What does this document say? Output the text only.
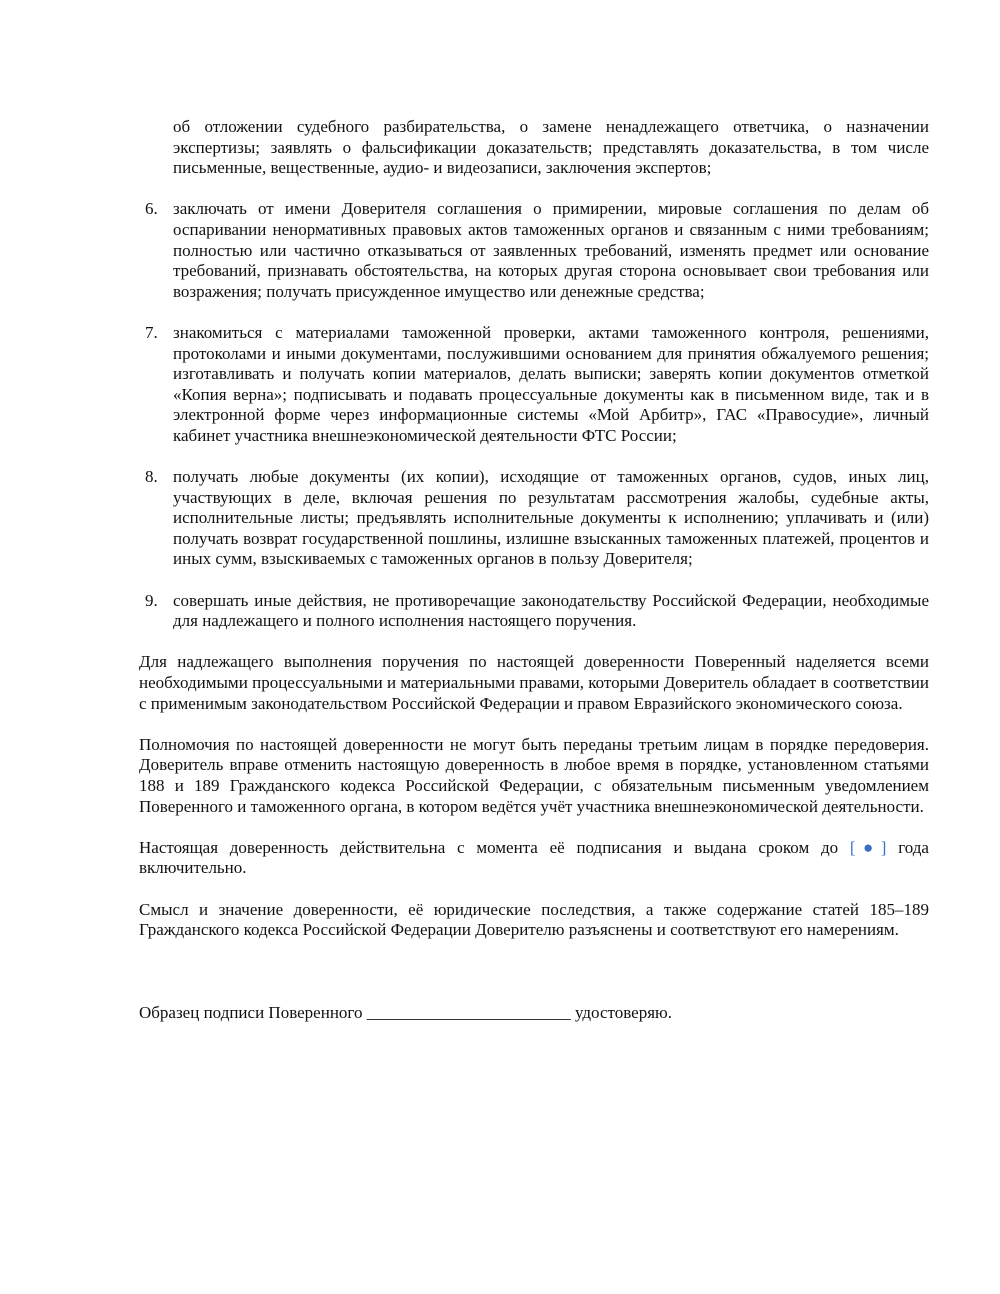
об отложении судебного разбирательства, о замене ненадлежащего ответчика, о назначении экспертизы; заявлять о фальсификации доказательств; представлять доказательства, в том числе письменные, вещественные, аудио- и видеозаписи, заключения экспертов;
6. заключать от имени Доверителя соглашения о примирении, мировые соглашения по делам об оспаривании ненормативных правовых актов таможенных органов и связанным с ними требованиям; полностью или частично отказываться от заявленных требований, изменять предмет или основание требований, признавать обстоятельства, на которых другая сторона основывает свои требования или возражения; получать присужденное имущество или денежные средства;
7. знакомиться с материалами таможенной проверки, актами таможенного контроля, решениями, протоколами и иными документами, послужившими основанием для принятия обжалуемого решения; изготавливать и получать копии материалов, делать выписки; заверять копии документов отметкой «Копия верна»; подписывать и подавать процессуальные документы как в письменном виде, так и в электронной форме через информационные системы «Мой Арбитр», ГАС «Правосудие», личный кабинет участника внешнеэкономической деятельности ФТС России;
8. получать любые документы (их копии), исходящие от таможенных органов, судов, иных лиц, участвующих в деле, включая решения по результатам рассмотрения жалобы, судебные акты, исполнительные листы; предъявлять исполнительные документы к исполнению; уплачивать и (или) получать возврат государственной пошлины, излишне взысканных таможенных платежей, процентов и иных сумм, взыскиваемых с таможенных органов в пользу Доверителя;
9. совершать иные действия, не противоречащие законодательству Российской Федерации, необходимые для надлежащего и полного исполнения настоящего поручения.

Для надлежащего выполнения поручения по настоящей доверенности Поверенный наделяется всеми необходимыми процессуальными и материальными правами, которыми Доверитель обладает в соответствии с применимым законодательством Российской Федерации и правом Евразийского экономического союза.

Полномочия по настоящей доверенности не могут быть переданы третьим лицам в порядке передоверия. Доверитель вправе отменить настоящую доверенность в любое время в порядке, установленном статьями 188 и 189 Гражданского кодекса Российской Федерации, с обязательным письменным уведомлением Поверенного и таможенного органа, в котором ведётся учёт участника внешнеэкономической деятельности.

Настоящая доверенность действительна с момента её подписания и выдана сроком до [●] года включительно.

Смысл и значение доверенности, её юридические последствия, а также содержание статей 185–189 Гражданского кодекса Российской Федерации Доверителю разъяснены и соответствуют его намерениям.

Образец подписи Поверенного ________________________ удостоверяю.
